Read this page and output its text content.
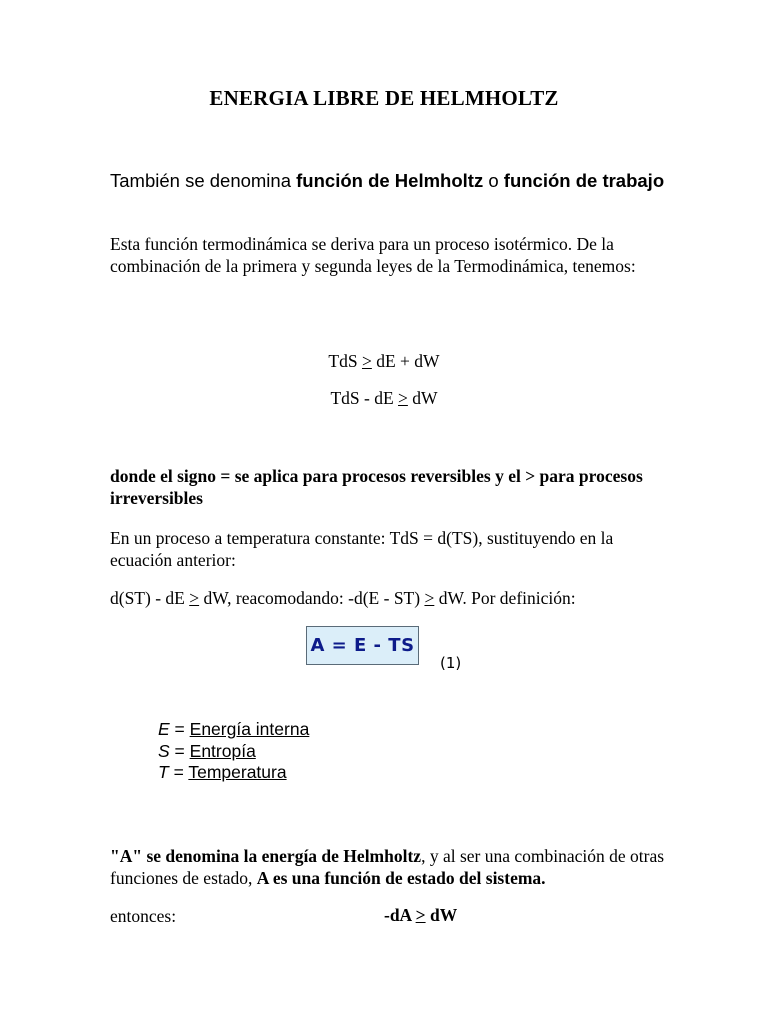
ENERGIA LIBRE DE HELMHOLTZ
También se denomina función de Helmholtz o función de trabajo
Esta función termodinámica se deriva para un proceso isotérmico. De la combinación de la primera y segunda leyes de la Termodinámica, tenemos:
TdS > dE + dW
TdS - dE > dW
donde el signo = se aplica para procesos reversibles y el > para procesos irreversibles
En un proceso a temperatura constante: TdS = d(TS), sustituyendo en la ecuación anterior:
d(ST) - dE > dW, reacomodando: -d(E - ST) > dW. Por definición:
A = E - TS
(1)
E = Energía interna
S = Entropía
T = Temperatura
"A" se denomina la energía de Helmholtz, y al ser una combinación de otras funciones de estado, A es una función de estado del sistema.
entonces:	-dA > dW
